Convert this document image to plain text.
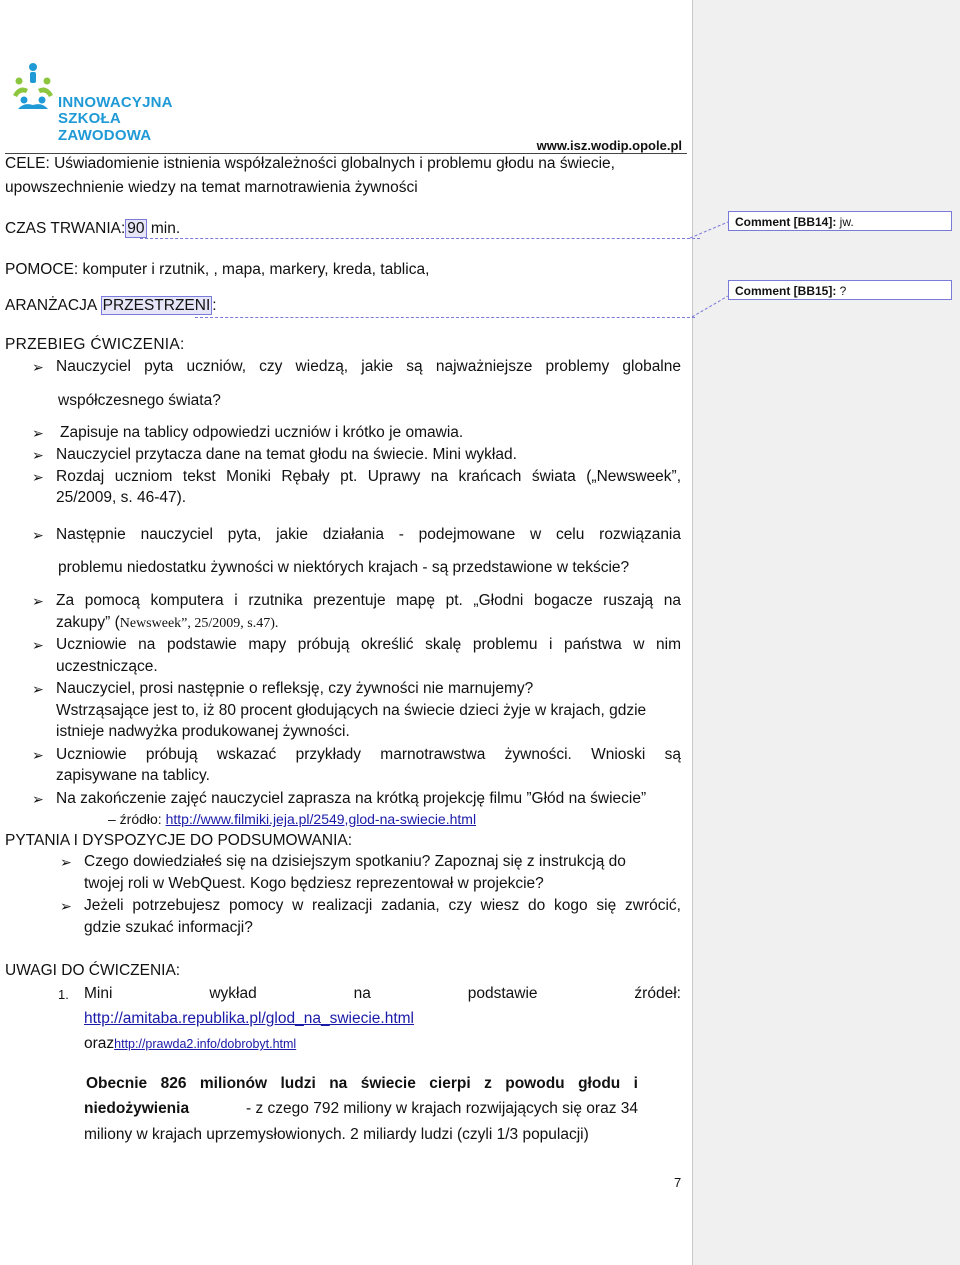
INNOWACYJNA
SZKOŁA ZAWODOWA
www.isz.wodip.opole.pl
CELE: Uświadomienie istnienia współzależności globalnych i problemu głodu na świecie,
upowszechnienie wiedzy na temat marnotrawienia żywności
CZAS TRWANIA: 90 min.
POMOCE: komputer i rzutnik, , mapa, markery, kreda, tablica,
ARANŻACJA PRZESTRZENI :
PRZEBIEG ĆWICZENIA:
➢ Nauczyciel pyta uczniów, czy wiedzą, jakie są najważniejsze problemy globalne
współczesnego świata?
➢ Zapisuje na tablicy odpowiedzi uczniów i krótko je omawia.
➢ Nauczyciel przytacza dane na temat głodu na świecie. Mini wykład.
➢ Rozdaj uczniom tekst Moniki Rębały pt. Uprawy na krańcach świata („Newsweek”,
25/2009, s. 46-47).
➢ Następnie nauczyciel pyta, jakie działania - podejmowane w celu rozwiązania
problemu niedostatku żywności w niektórych krajach - są przedstawione w tekście?
➢ Za pomocą komputera i rzutnika prezentuje mapę pt. „Głodni bogacze ruszają na
zakupy” (Newsweek”, 25/2009, s.47).
➢ Uczniowie na podstawie mapy próbują określić skalę problemu i państwa w nim
uczestniczące.
➢ Nauczyciel, prosi następnie o refleksję, czy żywności nie marnujemy?
Wstrząsające jest to, iż 80 procent głodujących na świecie dzieci żyje w krajach, gdzie
istnieje nadwyżka produkowanej żywności.
➢ Uczniowie próbują wskazać przykłady marnotrawstwa żywności. Wnioski są
zapisywane na tablicy.
➢ Na zakończenie zajęć nauczyciel zaprasza na krótką projekcję filmu ”Głód na świecie”
– źródło: http://www.filmiki.jeja.pl/2549,glod-na-swiecie.html
PYTANIA I DYSPOZYCJE DO PODSUMOWANIA:
➢ Czego dowiedziałeś się na dzisiejszym spotkaniu? Zapoznaj się z instrukcją do
twojej roli w WebQuest. Kogo będziesz reprezentował w projekcie?
➢ Jeżeli potrzebujesz pomocy w realizacji zadania, czy wiesz do kogo się zwrócić,
gdzie szukać informacji?
UWAGI DO ĆWICZENIA:
1. Mini	wykład	na	podstawie	źródeł:
http://amitaba.republika.pl/glod_na_swiecie.html
orazhttp://prawda2.info/dobrobyt.html
Obecnie 826 milionów ludzi na świecie cierpi z powodu głodu i
niedożywienia	- z czego 792 miliony w krajach rozwijających się oraz 34
miliony w krajach uprzemysłowionych. 2 miliardy ludzi (czyli 1/3 populacji)
7
Comment [BB14]: jw.
Comment [BB15]: ?
